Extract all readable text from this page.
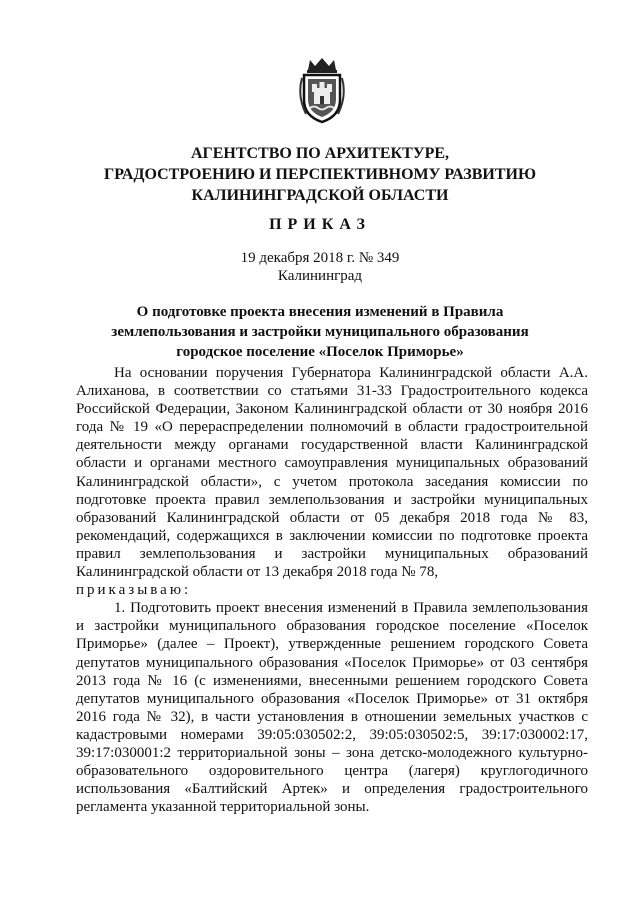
АГЕНТСТВО ПО АРХИТЕКТУРЕ,
ГРАДОСТРОЕНИЮ И ПЕРСПЕКТИВНОМУ РАЗВИТИЮ
КАЛИНИНГРАДСКОЙ ОБЛАСТИ
ПРИКАЗ
19 декабря 2018 г. № 349
Калининград
О подготовке проекта внесения изменений в Правила
землепользования и застройки муниципального образования
городское поселение «Поселок Приморье»

На основании поручения Губернатора Калининградской области А.А. Алиханова, в соответствии со статьями 31-33 Градостроительного кодекса Российской Федерации, Законом Калининградской области от 30 ноября 2016 года № 19 «О перераспределении полномочий в области градостроительной деятельности между органами государственной власти Калининградской области и органами местного самоуправления муниципальных образований Калининградской области», с учетом протокола заседания комиссии по подготовке проекта правил землепользования и застройки муниципальных образований Калининградской области от 05 декабря 2018 года № 83, рекомендаций, содержащихся в заключении комиссии по подготовке проекта правил землепользования и застройки муниципальных образований Калининградской области от 13 декабря 2018 года № 78,

приказываю:

1. Подготовить проект внесения изменений в Правила землепользования и застройки муниципального образования городское поселение «Поселок Приморье» (далее – Проект), утвержденные решением городского Совета депутатов муниципального образования «Поселок Приморье» от 03 сентября 2013 года № 16 (с изменениями, внесенными решением городского Совета депутатов муниципального образования «Поселок Приморье» от 31 октября 2016 года № 32), в части установления в отношении земельных участков с кадастровыми номерами 39:05:030502:2, 39:05:030502:5, 39:17:030002:17, 39:17:030001:2 территориальной зоны – зона детско-молодежного культурно-образовательного оздоровительного центра (лагеря) круглогодичного использования «Балтийский Артек» и определения градостроительного регламента указанной территориальной зоны.
